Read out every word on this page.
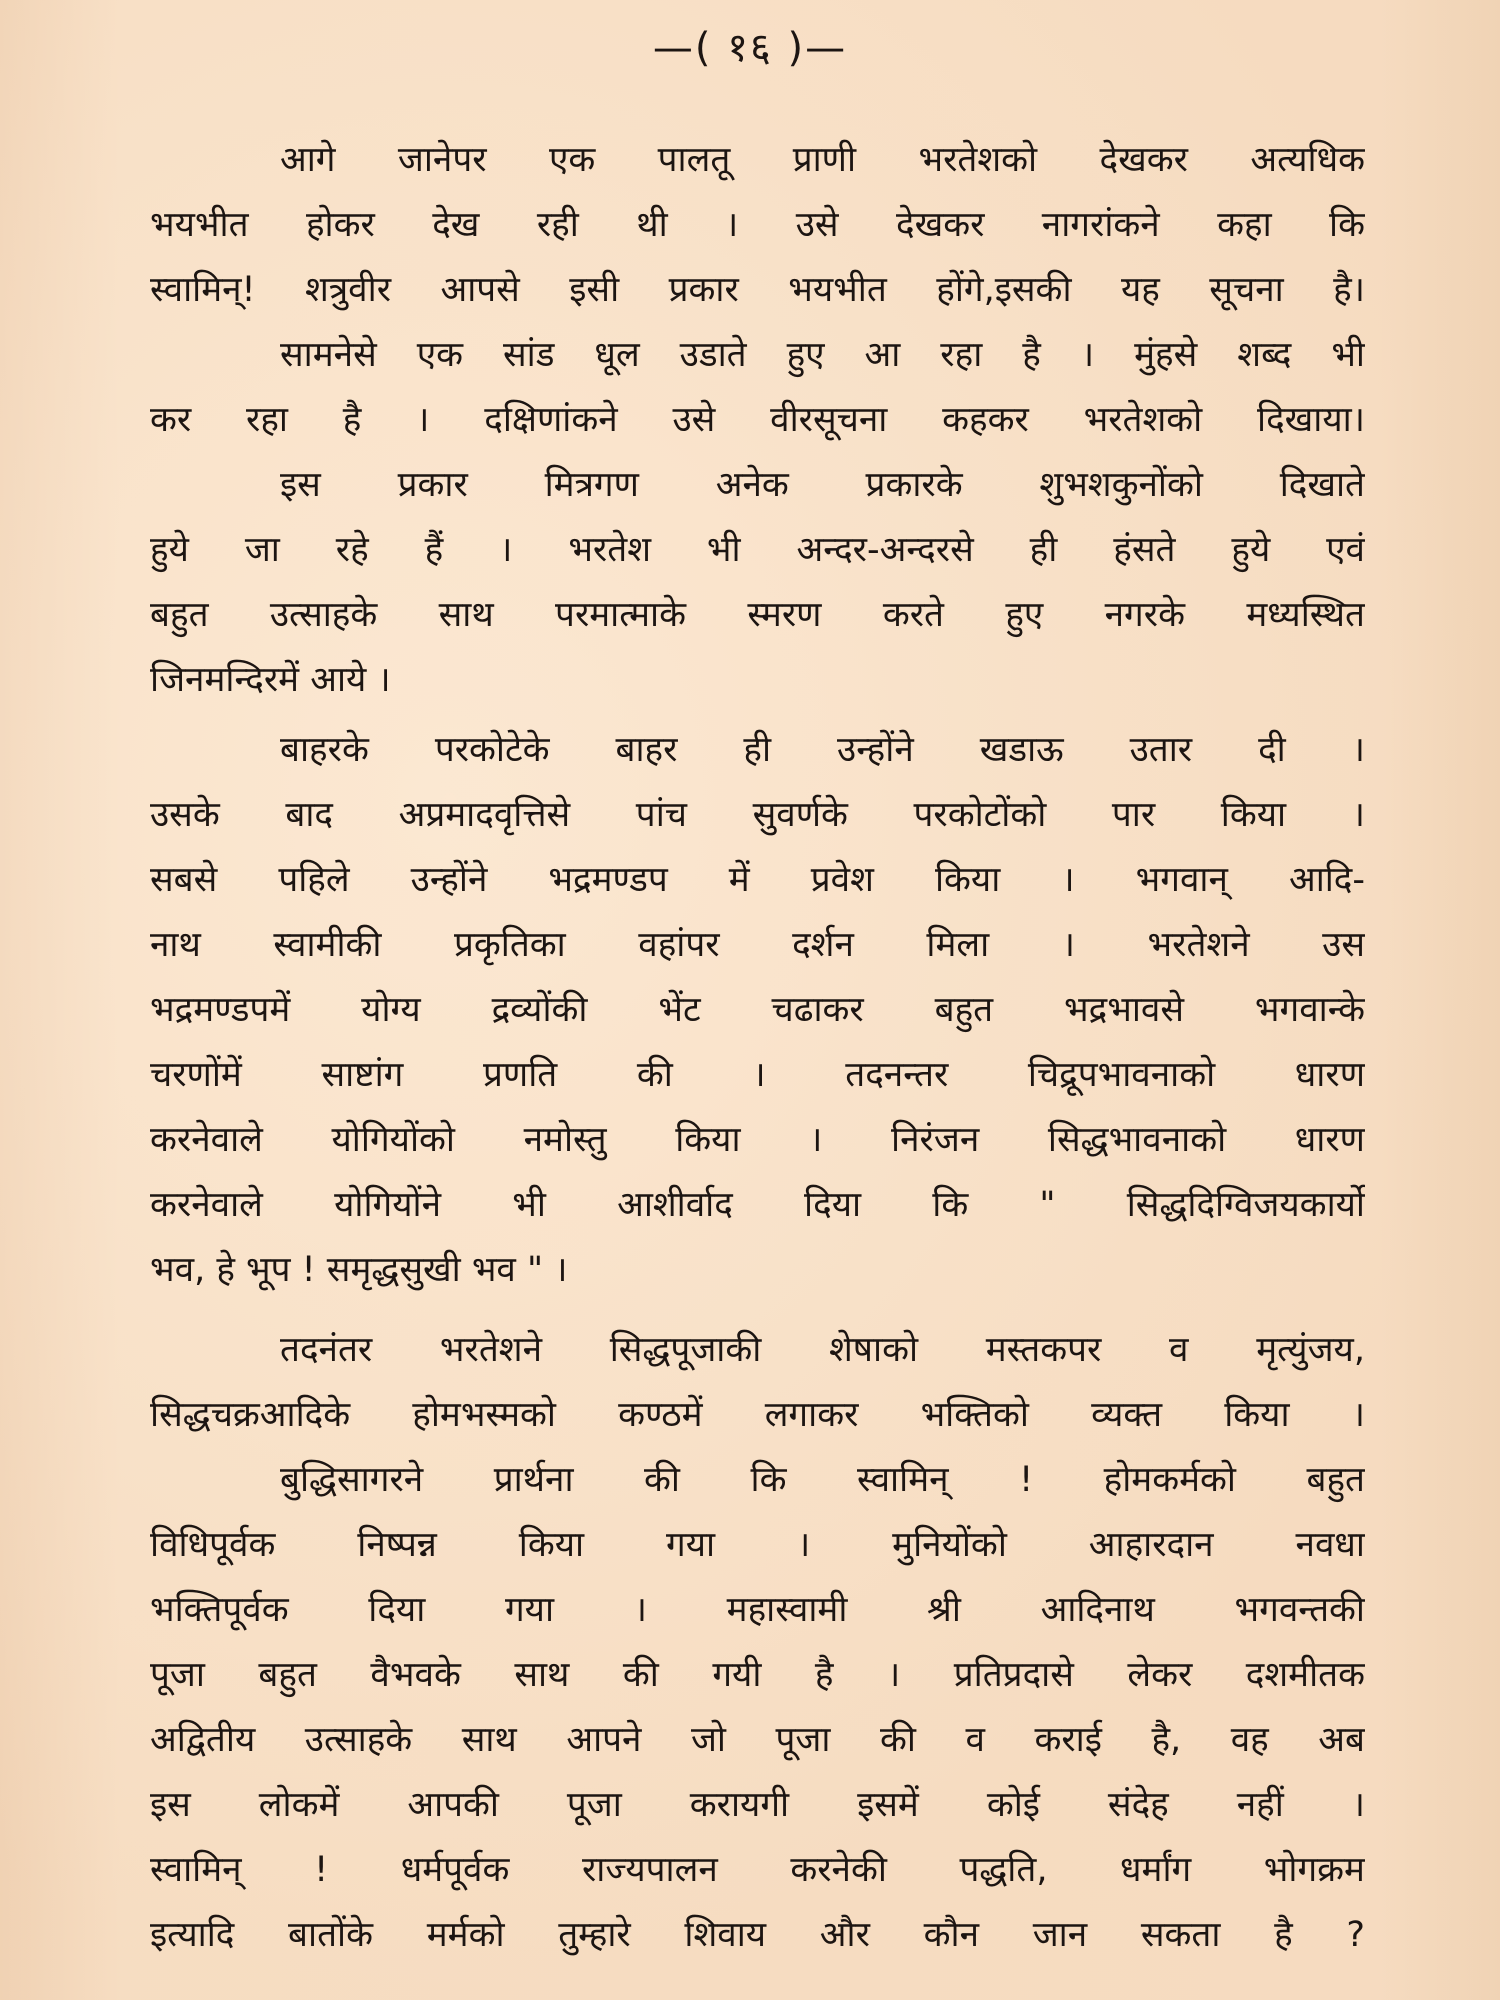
—( १६ )—
आगे जानेपर एक पालतू प्राणी भरतेशको देखकर अत्यधिक
भयभीत होकर देख रही थी । उसे देखकर नागरांकने कहा कि
स्वामिन्! शत्रुवीर आपसे इसी प्रकार भयभीत होंगे,इसकी यह सूचना है।
सामनेसे एक सांड धूल उडाते हुए आ रहा है । मुंहसे शब्द भी
कर रहा है । दक्षिणांकने उसे वीरसूचना कहकर भरतेशको दिखाया।
इस प्रकार मित्रगण अनेक प्रकारके शुभशकुनोंको दिखाते
हुये जा रहे हैं । भरतेश भी अन्दर-अन्दरसे ही हंसते हुये एवं
बहुत उत्साहके साथ परमात्माके स्मरण करते हुए नगरके मध्यस्थित
जिनमन्दिरमें आये ।
बाहरके परकोटेके बाहर ही उन्होंने खडाऊ उतार दी ।
उसके बाद अप्रमादवृत्तिसे पांच सुवर्णके परकोटोंको पार किया ।
सबसे पहिले उन्होंने भद्रमण्डप में प्रवेश किया । भगवान् आदि-
नाथ स्वामीकी प्रकृतिका वहांपर दर्शन मिला । भरतेशने उस
भद्रमण्डपमें योग्य द्रव्योंकी भेंट चढाकर बहुत भद्रभावसे भगवान्के
चरणोंमें साष्टांग प्रणति की । तदनन्तर चिद्रूपभावनाको धारण
करनेवाले योगियोंको नमोस्तु किया । निरंजन सिद्धभावनाको धारण
करनेवाले योगियोंने भी आशीर्वाद दिया कि " सिद्धदिग्विजयकार्यो
भव, हे भूप ! समृद्धसुखी भव " ।
तदनंतर भरतेशने सिद्धपूजाकी शेषाको मस्तकपर व मृत्युंजय,
सिद्धचक्रआदिके होमभस्मको कण्ठमें लगाकर भक्तिको व्यक्त किया ।
बुद्धिसागरने प्रार्थना की कि स्वामिन् ! होमकर्मको बहुत
विधिपूर्वक निष्पन्न किया गया । मुनियोंको आहारदान नवधा
भक्तिपूर्वक दिया गया । महास्वामी श्री आदिनाथ भगवन्तकी
पूजा बहुत वैभवके साथ की गयी है । प्रतिप्रदासे लेकर दशमीतक
अद्वितीय उत्साहके साथ आपने जो पूजा की व कराई है, वह अब
इस लोकमें आपकी पूजा करायगी इसमें कोई संदेह नहीं ।
स्वामिन् ! धर्मपूर्वक राज्यपालन करनेकी पद्धति, धर्मांग भोगक्रम
इत्यादि बातोंके मर्मको तुम्हारे शिवाय और कौन जान सकता है ?
